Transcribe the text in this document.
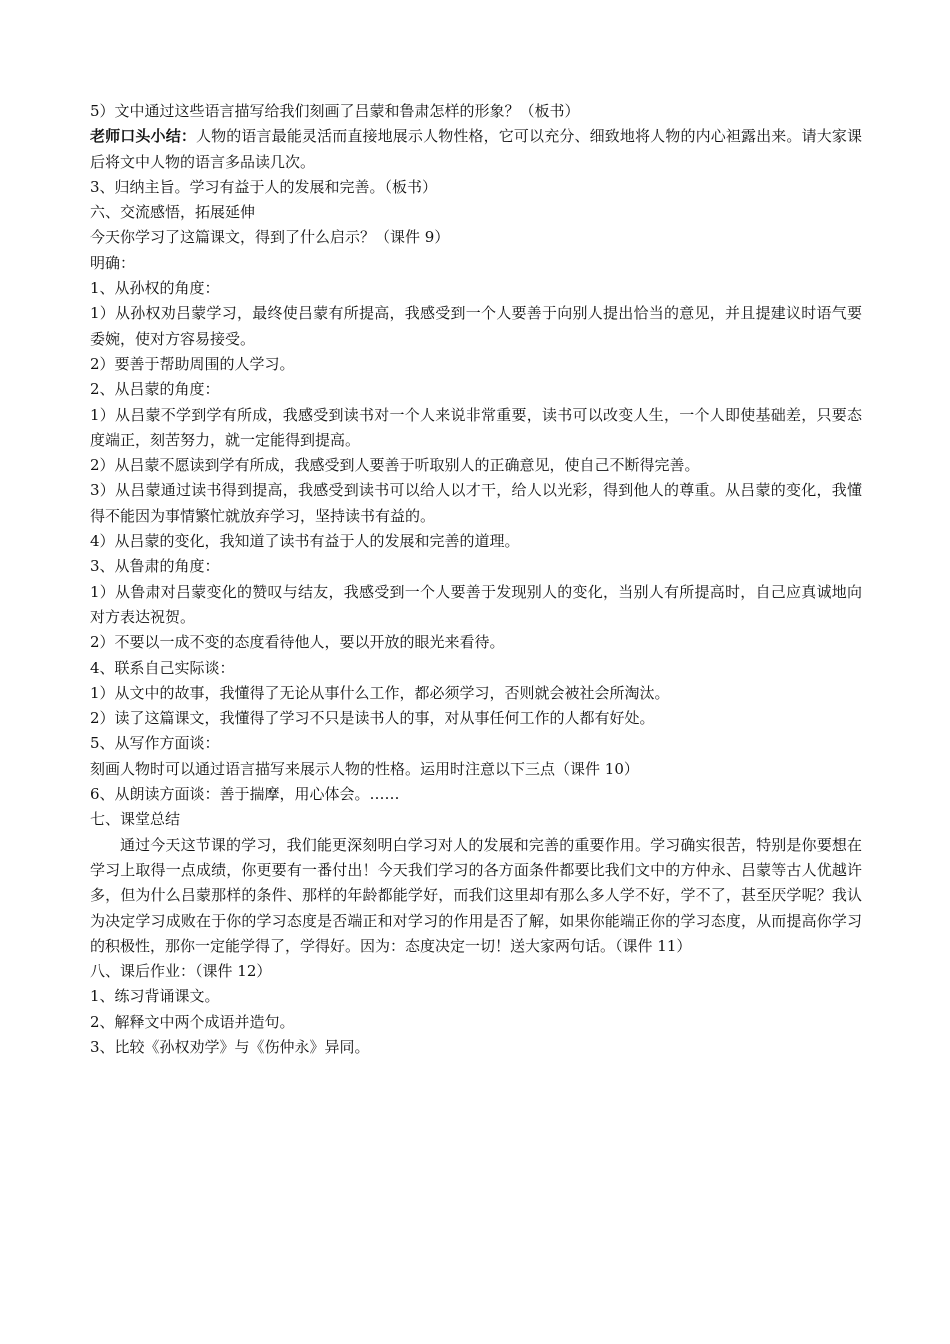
5）文中通过这些语言描写给我们刻画了吕蒙和鲁肃怎样的形象？（板书）

老师口头小结：人物的语言最能灵活而直接地展示人物性格，它可以充分、细致地将人物的内心袒露出来。请大家课后将文中人物的语言多品读几次。

3、归纳主旨。学习有益于人的发展和完善。（板书）

六、交流感悟，拓展延伸

今天你学习了这篇课文，得到了什么启示？（课件 9）

明确：

1、从孙权的角度：

1）从孙权劝吕蒙学习，最终使吕蒙有所提高，我感受到一个人要善于向别人提出恰当的意见，并且提建议时语气要委婉，使对方容易接受。

2）要善于帮助周围的人学习。

2、从吕蒙的角度：

1）从吕蒙不学到学有所成，我感受到读书对一个人来说非常重要，读书可以改变人生，一个人即使基础差，只要态度端正，刻苦努力，就一定能得到提高。

2）从吕蒙不愿读到学有所成，我感受到人要善于听取别人的正确意见，使自己不断得完善。

3）从吕蒙通过读书得到提高，我感受到读书可以给人以才干，给人以光彩，得到他人的尊重。从吕蒙的变化，我懂得不能因为事情繁忙就放弃学习，坚持读书有益的。

4）从吕蒙的变化，我知道了读书有益于人的发展和完善的道理。

3、从鲁肃的角度：

1）从鲁肃对吕蒙变化的赞叹与结友，我感受到一个人要善于发现别人的变化，当别人有所提高时，自己应真诚地向对方表达祝贺。

2）不要以一成不变的态度看待他人，要以开放的眼光来看待。

4、联系自己实际谈：

1）从文中的故事，我懂得了无论从事什么工作，都必须学习，否则就会被社会所淘汰。

2）读了这篇课文，我懂得了学习不只是读书人的事，对从事任何工作的人都有好处。

5、从写作方面谈：

刻画人物时可以通过语言描写来展示人物的性格。运用时注意以下三点（课件 10）

6、从朗读方面谈：善于揣摩，用心体会。……

七、课堂总结

通过今天这节课的学习，我们能更深刻明白学习对人的发展和完善的重要作用。学习确实很苦，特别是你要想在学习上取得一点成绩，你更要有一番付出！今天我们学习的各方面条件都要比我们文中的方仲永、吕蒙等古人优越许多，但为什么吕蒙那样的条件、那样的年龄都能学好，而我们这里却有那么多人学不好，学不了，甚至厌学呢？我认为决定学习成败在于你的学习态度是否端正和对学习的作用是否了解，如果你能端正你的学习态度，从而提高你学习的积极性，那你一定能学得了，学得好。因为：态度决定一切！送大家两句话。（课件 11）

八、课后作业：（课件 12）

1、练习背诵课文。

2、解释文中两个成语并造句。

3、比较《孙权劝学》与《伤仲永》异同。
